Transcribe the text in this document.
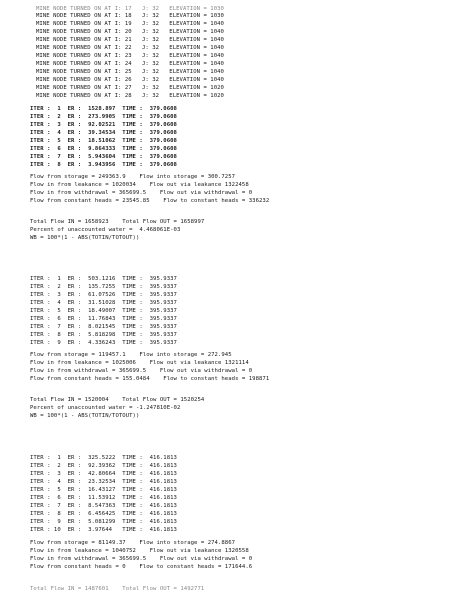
MINE NODE TURNED ON AT I: 17   J: 32   ELEVATION = 1030
MINE NODE TURNED ON AT I: 18   J: 32   ELEVATION = 1030
MINE NODE TURNED ON AT I: 19   J: 32   ELEVATION = 1040
MINE NODE TURNED ON AT I: 20   J: 32   ELEVATION = 1040
MINE NODE TURNED ON AT I: 21   J: 32   ELEVATION = 1040
MINE NODE TURNED ON AT I: 22   J: 32   ELEVATION = 1040
MINE NODE TURNED ON AT I: 23   J: 32   ELEVATION = 1040
MINE NODE TURNED ON AT I: 24   J: 32   ELEVATION = 1040
MINE NODE TURNED ON AT I: 25   J: 32   ELEVATION = 1040
MINE NODE TURNED ON AT I: 26   J: 32   ELEVATION = 1040
MINE NODE TURNED ON AT I: 27   J: 32   ELEVATION = 1020
MINE NODE TURNED ON AT I: 28   J: 32   ELEVATION = 1020
ITER :  1  ER :  1528.897  TIME :  379.0608
ITER :  2  ER :  273.9905  TIME :  379.0608
ITER :  3  ER :  92.02521  TIME :  379.0608
ITER :  4  ER :  39.34534  TIME :  379.0608
ITER :  5  ER :  18.51062  TIME :  379.0608
ITER :  6  ER :  9.864333  TIME :  379.0608
ITER :  7  ER :  5.943604  TIME :  379.0608
ITER :  8  ER :  3.943956  TIME :  379.0608
Flow from storage = 249363.9    Flow into storage = 300.7257
Flow in from leakance = 1020034    Flow out via leakance 1322458
Flow in from withdrawal = 365699.5    Flow out via withdrawal = 0
Flow from constant heads = 23545.85    Flow to constant heads = 336232
Total Flow IN = 1658923    Total Flow OUT = 1658997
Percent of unaccounted water =  4.468061E-03
WB = 100*(1 - ABS(TOTIN/TOTOUT))
ITER :  1  ER :  503.1216  TIME :  395.9337
ITER :  2  ER :  135.7255  TIME :  395.9337
ITER :  3  ER :  61.07526  TIME :  395.9337
ITER :  4  ER :  31.51028  TIME :  395.9337
ITER :  5  ER :  18.49007  TIME :  395.9337
ITER :  6  ER :  11.76843  TIME :  395.9337
ITER :  7  ER :  8.021545  TIME :  395.9337
ITER :  8  ER :  5.818298  TIME :  395.9337
ITER :  9  ER :  4.336243  TIME :  395.9337
Flow from storage = 119457.1    Flow into storage = 272.945
Flow in from leakance = 1025006    Flow out via leakance 1321114
Flow in from withdrawal = 365699.5    Flow out via withdrawal = 0
Flow from constant heads = 155.0484    Flow to constant heads = 198871
Total Flow IN = 1520004    Total Flow OUT = 1520254
Percent of unaccounted water = -1.247810E-02
WB = 100*(1 - ABS(TOTIN/TOTOUT))
ITER :  1  ER :  325.5222  TIME :  416.1813
ITER :  2  ER :  92.39362  TIME :  416.1813
ITER :  3  ER :  42.80664  TIME :  416.1813
ITER :  4  ER :  23.32534  TIME :  416.1813
ITER :  5  ER :  16.43127  TIME :  416.1813
ITER :  6  ER :  11.53912  TIME :  416.1813
ITER :  7  ER :  8.547363  TIME :  416.1813
ITER :  8  ER :  6.456425  TIME :  416.1813
ITER :  9  ER :  5.081299  TIME :  416.1813
ITER : 10  ER :  3.97644   TIME :  416.1813
Flow from storage = 81149.37    Flow into storage = 274.8867
Flow in from leakance = 1040752    Flow out via leakance 1320558
Flow in from withdrawal = 365699.5    Flow out via withdrawal = 0
Flow from constant heads = 0    Flow to constant heads = 171644.6
Total Flow IN = 1487601    Total Flow OUT = 1492771
